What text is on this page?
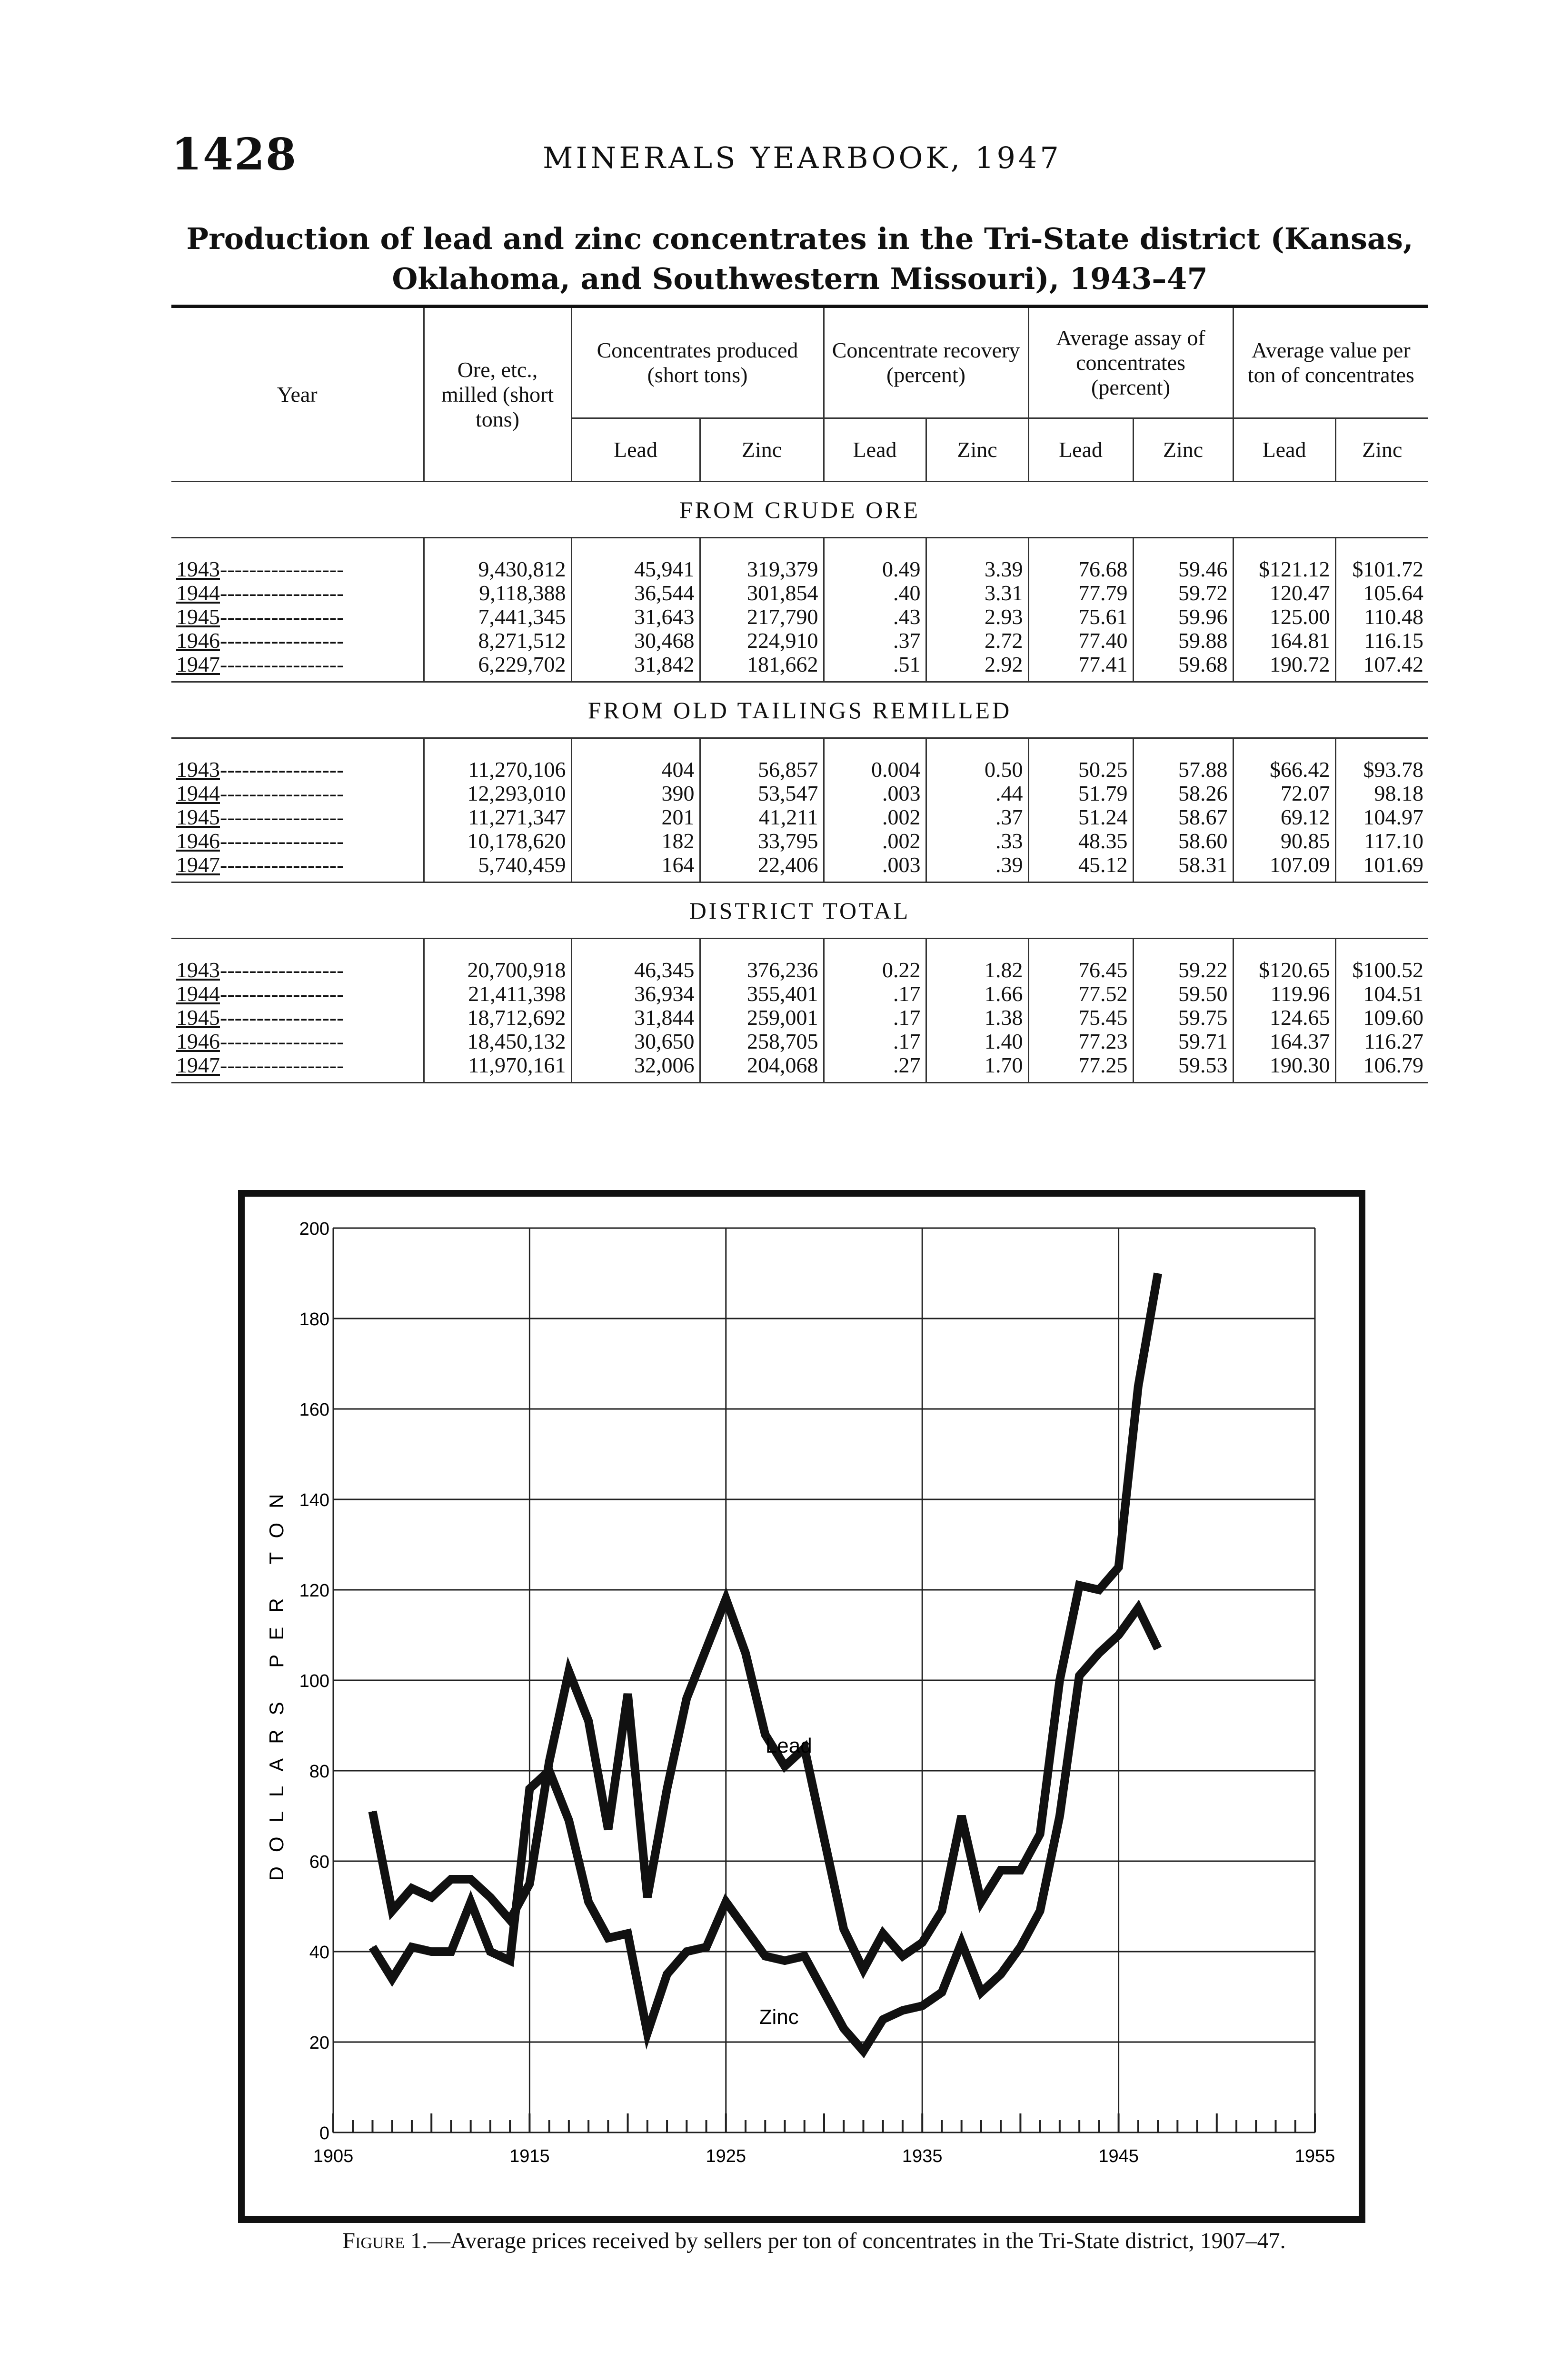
1428	MINERALS YEARBOOK, 1947
Production of lead and zinc concentrates in the Tri-State district (Kansas, Oklahoma, and Southwestern Missouri), 1943–47
Year	Ore, etc., milled (short tons)	Concentrates produced (short tons)		Concentrate recovery (percent)		Average assay of concentrates (percent)		Average value per ton of concentrates	
		Lead	Zinc	Lead	Zinc	Lead	Zinc	Lead	Zinc
FROM CRUDE ORE									
1943-----------------	9,430,812	45,941	319,379	0.49	3.39	76.68	59.46	$121.12	$101.72
1944-----------------	9,118,388	36,544	301,854	.40	3.31	77.79	59.72	120.47	105.64
1945-----------------	7,441,345	31,643	217,790	.43	2.93	75.61	59.96	125.00	110.48
1946-----------------	8,271,512	30,468	224,910	.37	2.72	77.40	59.88	164.81	116.15
1947-----------------	6,229,702	31,842	181,662	.51	2.92	77.41	59.68	190.72	107.42
FROM OLD TAILINGS REMILLED									
1943-----------------	11,270,106	404	56,857	0.004	0.50	50.25	57.88	$66.42	$93.78
1944-----------------	12,293,010	390	53,547	.003	.44	51.79	58.26	72.07	98.18
1945-----------------	11,271,347	201	41,211	.002	.37	51.24	58.67	69.12	104.97
1946-----------------	10,178,620	182	33,795	.002	.33	48.35	58.60	90.85	117.10
1947-----------------	5,740,459	164	22,406	.003	.39	45.12	58.31	107.09	101.69
DISTRICT TOTAL									
1943-----------------	20,700,918	46,345	376,236	0.22	1.82	76.45	59.22	$120.65	$100.52
1944-----------------	21,411,398	36,934	355,401	.17	1.66	77.52	59.50	119.96	104.51
1945-----------------	18,712,692	31,844	259,001	.17	1.38	75.45	59.75	124.65	109.60
1946-----------------	18,450,132	30,650	258,705	.17	1.40	77.23	59.71	164.37	116.27
1947-----------------	11,970,161	32,006	204,068	.27	1.70	77.25	59.53	190.30	106.79
0
20
40
60
80
100
120
140
160
180
200
1905	1915	1925	1935	1945	1955
DOLLARS PER TON	Lead
Zinc
Figure 1.—Average prices received by sellers per ton of concentrates in the Tri-State district, 1907–47.
